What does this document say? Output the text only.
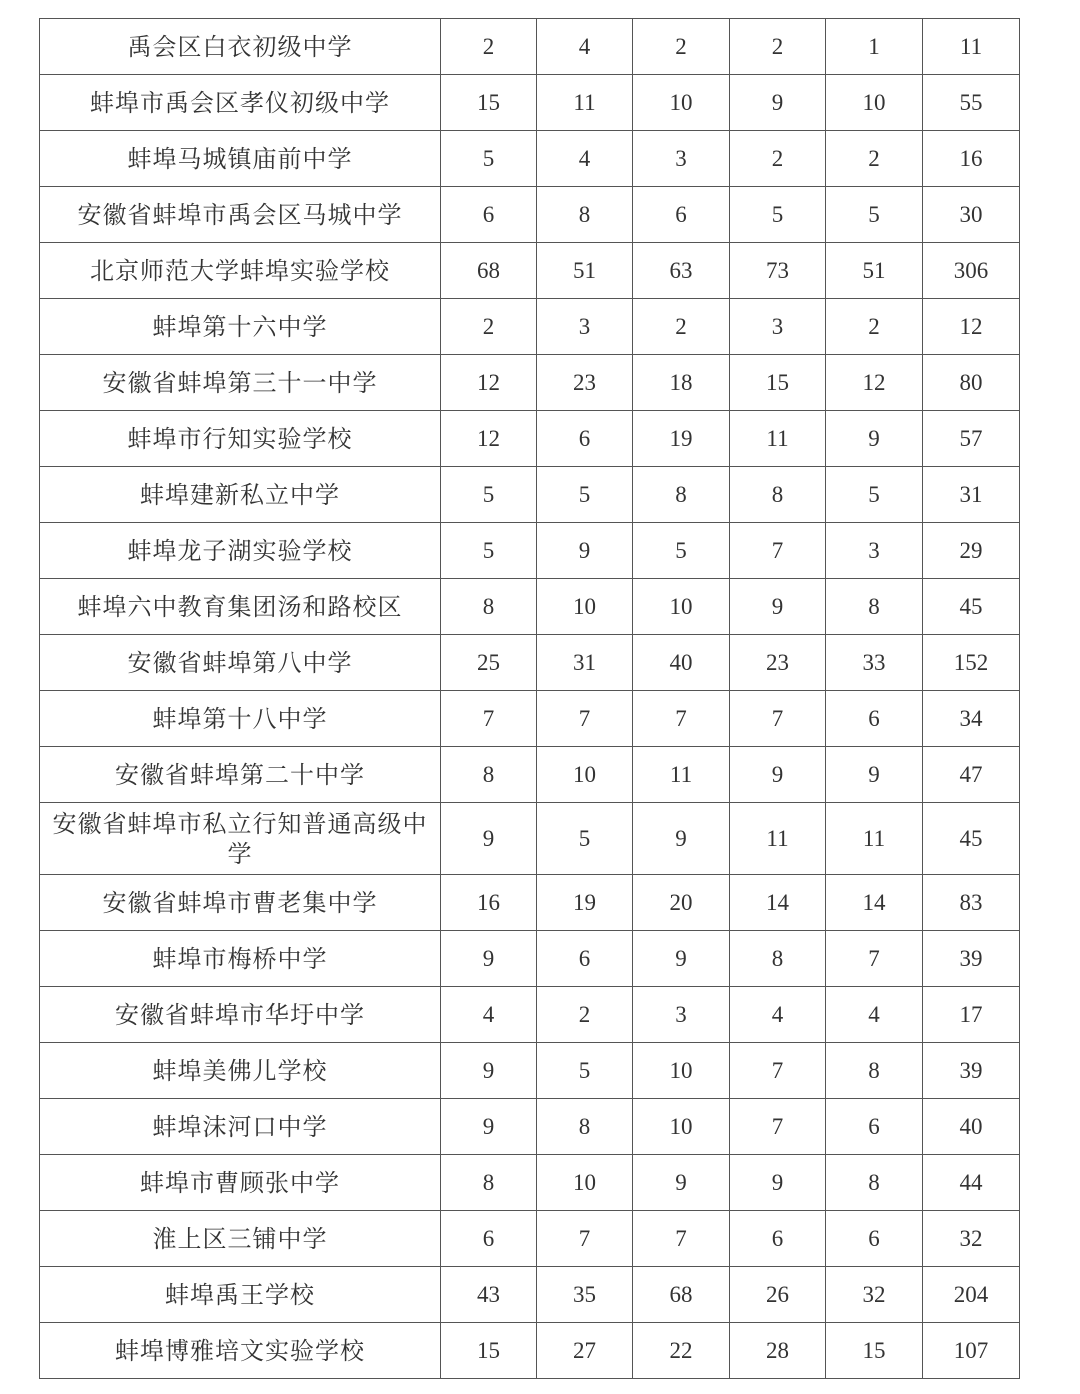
禹会区白衣初级中学	2	4	2	2	1	11
蚌埠市禹会区孝仪初级中学	15	11	10	9	10	55
蚌埠马城镇庙前中学	5	4	3	2	2	16
安徽省蚌埠市禹会区马城中学	6	8	6	5	5	30
北京师范大学蚌埠实验学校	68	51	63	73	51	306
蚌埠第十六中学	2	3	2	3	2	12
安徽省蚌埠第三十一中学	12	23	18	15	12	80
蚌埠市行知实验学校	12	6	19	11	9	57
蚌埠建新私立中学	5	5	8	8	5	31
蚌埠龙子湖实验学校	5	9	5	7	3	29
蚌埠六中教育集团汤和路校区	8	10	10	9	8	45
安徽省蚌埠第八中学	25	31	40	23	33	152
蚌埠第十八中学	7	7	7	7	6	34
安徽省蚌埠第二十中学	8	10	11	9	9	47
安徽省蚌埠市私立行知普通高级中学	9	5	9	11	11	45
安徽省蚌埠市曹老集中学	16	19	20	14	14	83
蚌埠市梅桥中学	9	6	9	8	7	39
安徽省蚌埠市华圩中学	4	2	3	4	4	17
蚌埠美佛儿学校	9	5	10	7	8	39
蚌埠沫河口中学	9	8	10	7	6	40
蚌埠市曹顾张中学	8	10	9	9	8	44
淮上区三铺中学	6	7	7	6	6	32
蚌埠禹王学校	43	35	68	26	32	204
蚌埠博雅培文实验学校	15	27	22	28	15	107
